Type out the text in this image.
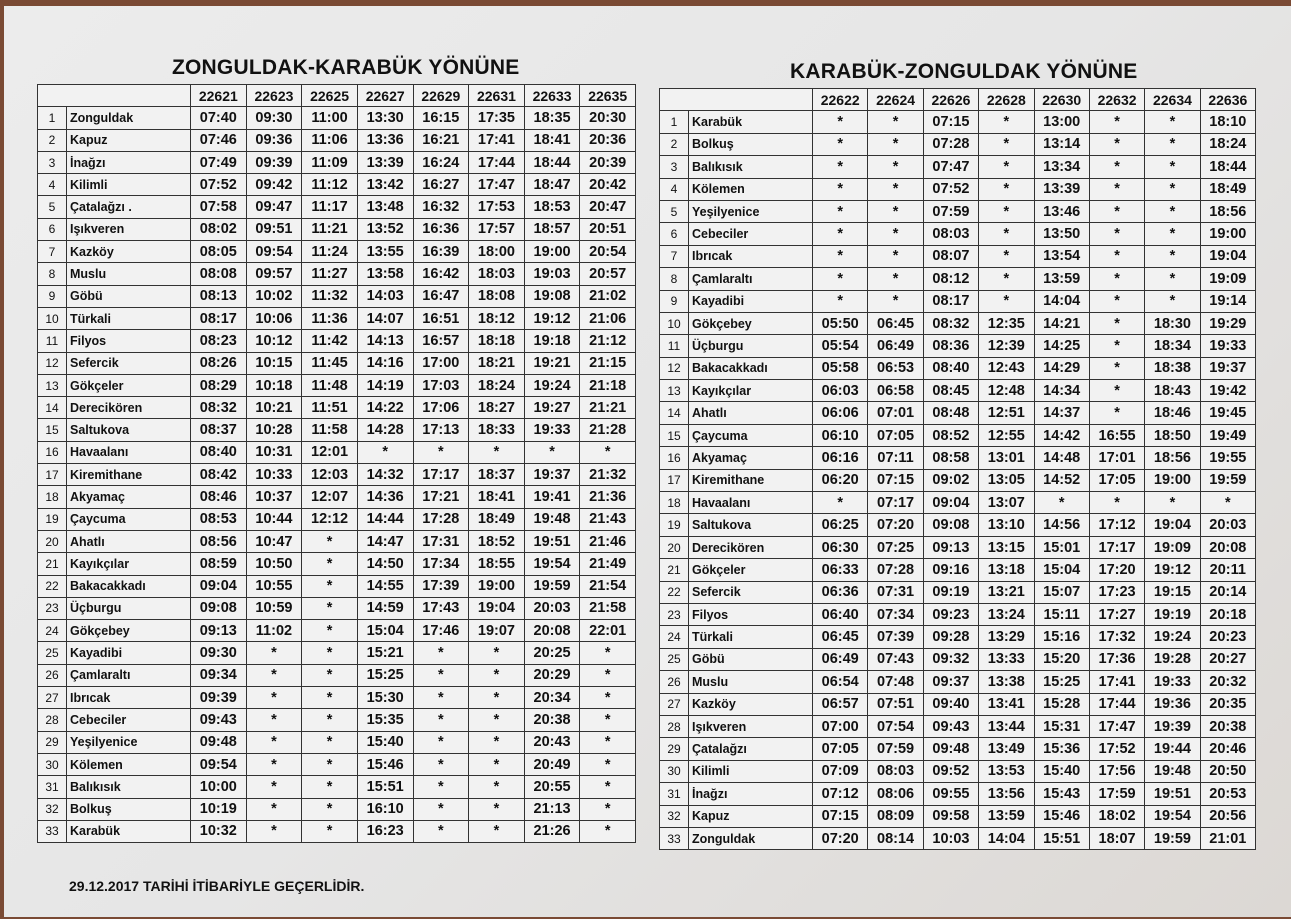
ZONGULDAK-KARABÜK YÖNÜNE
		22621	22623	22625	22627	22629	22631	22633	22635
1	Zonguldak	07:40	09:30	11:00	13:30	16:15	17:35	18:35	20:30
2	Kapuz	07:46	09:36	11:06	13:36	16:21	17:41	18:41	20:36
3	İnağzı	07:49	09:39	11:09	13:39	16:24	17:44	18:44	20:39
4	Kilimli	07:52	09:42	11:12	13:42	16:27	17:47	18:47	20:42
5	Çatalağzı .	07:58	09:47	11:17	13:48	16:32	17:53	18:53	20:47
6	Işıkveren	08:02	09:51	11:21	13:52	16:36	17:57	18:57	20:51
7	Kazköy	08:05	09:54	11:24	13:55	16:39	18:00	19:00	20:54
8	Muslu	08:08	09:57	11:27	13:58	16:42	18:03	19:03	20:57
9	Göbü	08:13	10:02	11:32	14:03	16:47	18:08	19:08	21:02
10	Türkali	08:17	10:06	11:36	14:07	16:51	18:12	19:12	21:06
11	Filyos	08:23	10:12	11:42	14:13	16:57	18:18	19:18	21:12
12	Sefercik	08:26	10:15	11:45	14:16	17:00	18:21	19:21	21:15
13	Gökçeler	08:29	10:18	11:48	14:19	17:03	18:24	19:24	21:18
14	Derecikören	08:32	10:21	11:51	14:22	17:06	18:27	19:27	21:21
15	Saltukova	08:37	10:28	11:58	14:28	17:13	18:33	19:33	21:28
16	Havaalanı	08:40	10:31	12:01	*	*	*	*	*
17	Kiremithane	08:42	10:33	12:03	14:32	17:17	18:37	19:37	21:32
18	Akyamaç	08:46	10:37	12:07	14:36	17:21	18:41	19:41	21:36
19	Çaycuma	08:53	10:44	12:12	14:44	17:28	18:49	19:48	21:43
20	Ahatlı	08:56	10:47	*	14:47	17:31	18:52	19:51	21:46
21	Kayıkçılar	08:59	10:50	*	14:50	17:34	18:55	19:54	21:49
22	Bakacakkadı	09:04	10:55	*	14:55	17:39	19:00	19:59	21:54
23	Üçburgu	09:08	10:59	*	14:59	17:43	19:04	20:03	21:58
24	Gökçebey	09:13	11:02	*	15:04	17:46	19:07	20:08	22:01
25	Kayadibi	09:30	*	*	15:21	*	*	20:25	*
26	Çamlaraltı	09:34	*	*	15:25	*	*	20:29	*
27	Ibrıcak	09:39	*	*	15:30	*	*	20:34	*
28	Cebeciler	09:43	*	*	15:35	*	*	20:38	*
29	Yeşilyenice	09:48	*	*	15:40	*	*	20:43	*
30	Kölemen	09:54	*	*	15:46	*	*	20:49	*
31	Balıkısık	10:00	*	*	15:51	*	*	20:55	*
32	Bolkuş	10:19	*	*	16:10	*	*	21:13	*
33	Karabük	10:32	*	*	16:23	*	*	21:26	*
KARABÜK-ZONGULDAK YÖNÜNE
		22622	22624	22626	22628	22630	22632	22634	22636
1	Karabük	*	*	07:15	*	13:00	*	*	18:10
2	Bolkuş	*	*	07:28	*	13:14	*	*	18:24
3	Balıkısık	*	*	07:47	*	13:34	*	*	18:44
4	Kölemen	*	*	07:52	*	13:39	*	*	18:49
5	Yeşilyenice	*	*	07:59	*	13:46	*	*	18:56
6	Cebeciler	*	*	08:03	*	13:50	*	*	19:00
7	Ibrıcak	*	*	08:07	*	13:54	*	*	19:04
8	Çamlaraltı	*	*	08:12	*	13:59	*	*	19:09
9	Kayadibi	*	*	08:17	*	14:04	*	*	19:14
10	Gökçebey	05:50	06:45	08:32	12:35	14:21	*	18:30	19:29
11	Üçburgu	05:54	06:49	08:36	12:39	14:25	*	18:34	19:33
12	Bakacakkadı	05:58	06:53	08:40	12:43	14:29	*	18:38	19:37
13	Kayıkçılar	06:03	06:58	08:45	12:48	14:34	*	18:43	19:42
14	Ahatlı	06:06	07:01	08:48	12:51	14:37	*	18:46	19:45
15	Çaycuma	06:10	07:05	08:52	12:55	14:42	16:55	18:50	19:49
16	Akyamaç	06:16	07:11	08:58	13:01	14:48	17:01	18:56	19:55
17	Kiremithane	06:20	07:15	09:02	13:05	14:52	17:05	19:00	19:59
18	Havaalanı	*	07:17	09:04	13:07	*	*	*	*
19	Saltukova	06:25	07:20	09:08	13:10	14:56	17:12	19:04	20:03
20	Derecikören	06:30	07:25	09:13	13:15	15:01	17:17	19:09	20:08
21	Gökçeler	06:33	07:28	09:16	13:18	15:04	17:20	19:12	20:11
22	Sefercik	06:36	07:31	09:19	13:21	15:07	17:23	19:15	20:14
23	Filyos	06:40	07:34	09:23	13:24	15:11	17:27	19:19	20:18
24	Türkali	06:45	07:39	09:28	13:29	15:16	17:32	19:24	20:23
25	Göbü	06:49	07:43	09:32	13:33	15:20	17:36	19:28	20:27
26	Muslu	06:54	07:48	09:37	13:38	15:25	17:41	19:33	20:32
27	Kazköy	06:57	07:51	09:40	13:41	15:28	17:44	19:36	20:35
28	Işıkveren	07:00	07:54	09:43	13:44	15:31	17:47	19:39	20:38
29	Çatalağzı	07:05	07:59	09:48	13:49	15:36	17:52	19:44	20:46
30	Kilimli	07:09	08:03	09:52	13:53	15:40	17:56	19:48	20:50
31	İnağzı	07:12	08:06	09:55	13:56	15:43	17:59	19:51	20:53
32	Kapuz	07:15	08:09	09:58	13:59	15:46	18:02	19:54	20:56
33	Zonguldak	07:20	08:14	10:03	14:04	15:51	18:07	19:59	21:01
29.12.2017 TARİHİ İTİBARİYLE GEÇERLİDİR.
